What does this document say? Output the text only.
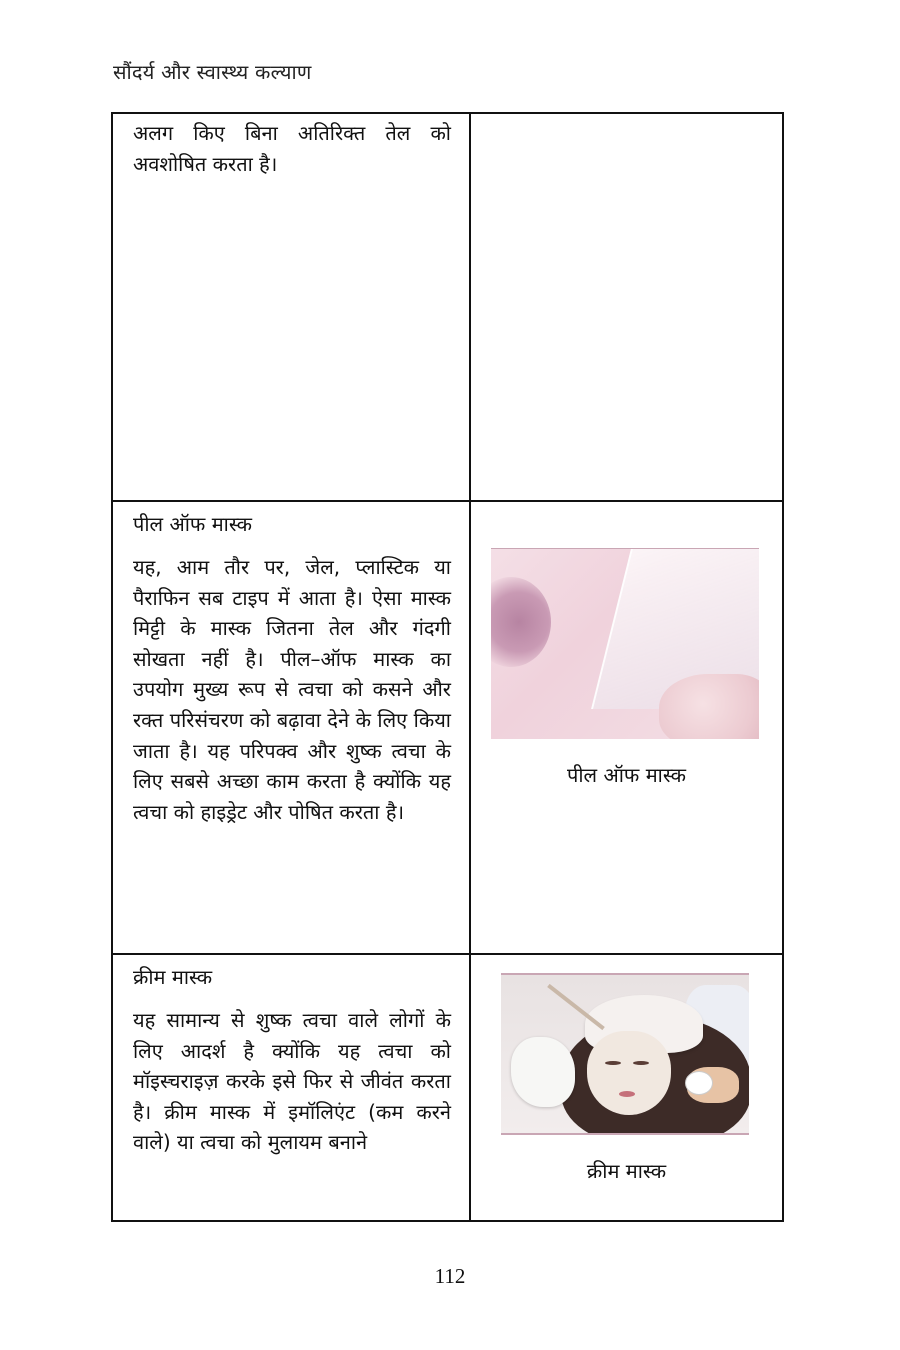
सौंदर्य और स्वास्थ्य कल्याण

अलग किए बिना अतिरिक्त तेल को अवशोषित करता है।	

पील ऑफ मास्क

यह, आम तौर पर, जेल, प्लास्टिक या पैराफिन सब टाइप में आता है। ऐसा मास्क मिट्टी के मास्क जितना तेल और गंदगी सोखता नहीं है। पील–ऑफ मास्क का उपयोग मुख्य रूप से त्वचा को कसने और रक्त परिसंचरण को बढ़ावा देने के लिए किया जाता है। यह परिपक्व और शुष्क त्वचा के लिए सबसे अच्छा काम करता है क्योंकि यह त्वचा को हाइड्रेट और पोषित करता है।	पील ऑफ मास्क

क्रीम मास्क

यह सामान्य से शुष्क त्वचा वाले लोगों के लिए आदर्श है क्योंकि यह त्वचा को मॉइस्चराइज़ करके इसे फिर से जीवंत करता है। क्रीम मास्क में इमॉलिएंट (कम करने वाले) या त्वचा को मुलायम बनाने	क्रीम मास्क
112
